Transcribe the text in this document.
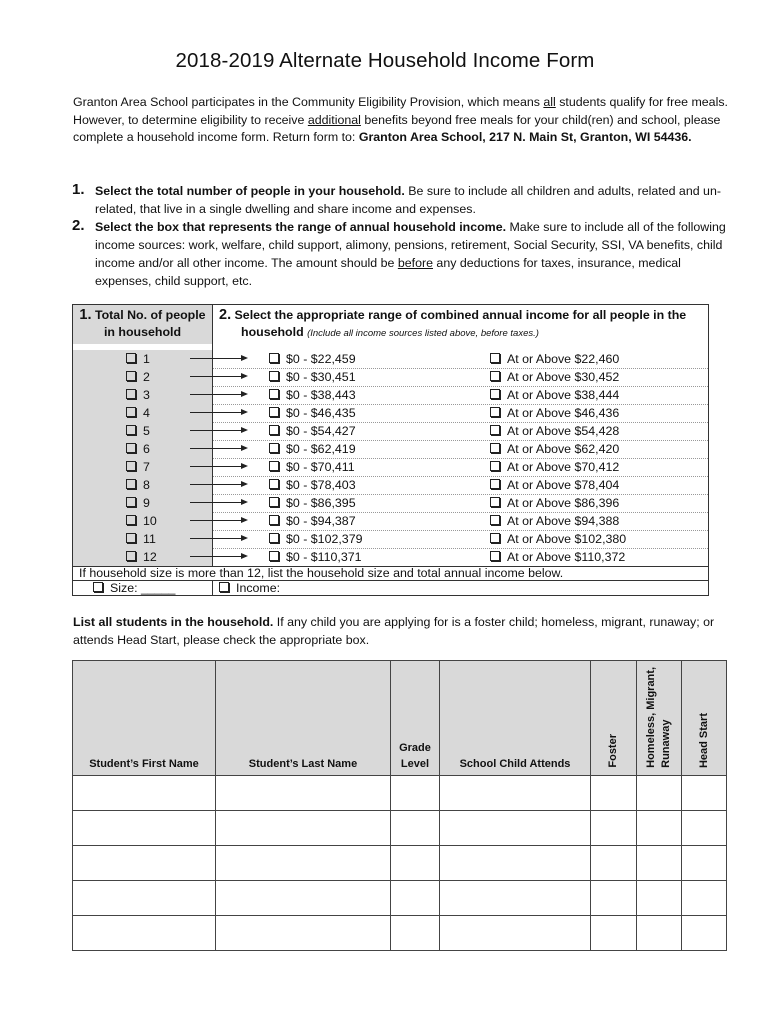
2018-2019 Alternate Household Income Form
Granton Area School participates in the Community Eligibility Provision, which means all students qualify for free meals. However, to determine eligibility to receive additional benefits beyond free meals for your child(ren) and school, please complete a household income form. Return form to: Granton Area School, 217 N. Main St, Granton, WI 54436.
1. Select the total number of people in your household. Be sure to include all children and adults, related and un-related, that live in a single dwelling and share income and expenses.
2. Select the box that represents the range of annual household income. Make sure to include all of the following income sources: work, welfare, child support, alimony, pensions, retirement, Social Security, SSI, VA benefits, child income and/or all other income. The amount should be before any deductions for taxes, insurance, medical expenses, child support, etc.
1. Total No. of people
in household
2. Select the appropriate range of combined annual income for all people in the
household (Include all income sources listed above, before taxes.)
1	$0 - $22,459	At or Above $22,460
2	$0 - $30,451	At or Above $30,452
3	$0 - $38,443	At or Above $38,444
4	$0 - $46,435	At or Above $46,436
5	$0 - $54,427	At or Above $54,428
6	$0 - $62,419	At or Above $62,420
7	$0 - $70,411	At or Above $70,412
8	$0 - $78,403	At or Above $78,404
9	$0 - $86,395	At or Above $86,396
10	$0 - $94,387	At or Above $94,388
11	$0 - $102,379	At or Above $102,380
12	$0 - $110,371	At or Above $110,372
If household size is more than 12, list the household size and total annual income below.
Size: _____	Income:
List all students in the household. If any child you are applying for is a foster child; homeless, migrant, runaway; or attends Head Start, please check the appropriate box.
Student’s First Name	Student’s Last Name	Grade
Level	School Child Attends	Foster	Homeless, Migrant, Runaway	Head Start
